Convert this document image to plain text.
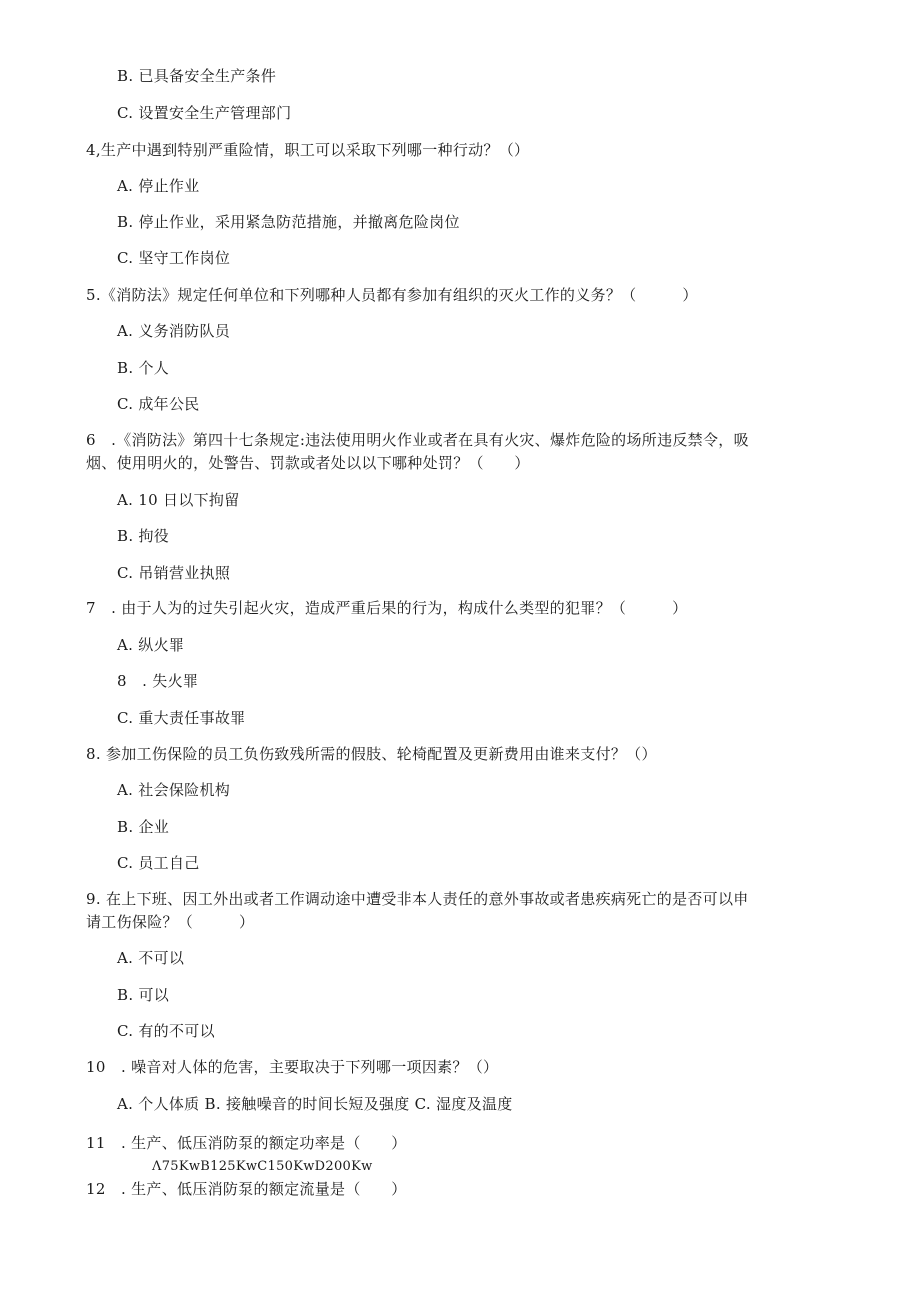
B. 已具备安全生产条件
C. 设置安全生产管理部门
4,生产中遇到特别严重险情，职工可以采取下列哪一种行动？（）
A. 停止作业
B. 停止作业，采用紧急防范措施，并撤离危险岗位
C. 坚守工作岗位
5.《消防法》规定任何单位和下列哪种人员都有参加有组织的灭火工作的义务？（　　　）
A. 义务消防队员
B. 个人
C. 成年公民
6　.《消防法》第四十七条规定:违法使用明火作业或者在具有火灾、爆炸危险的场所违反禁令，吸
烟、使用明火的，处警告、罚款或者处以以下哪种处罚？（　　）
A. 10 日以下拘留
B. 拘役
C. 吊销营业执照
7　. 由于人为的过失引起火灾，造成严重后果的行为，构成什么类型的犯罪？（　　　）
A. 纵火罪
8　. 失火罪
C. 重大责任事故罪
8. 参加工伤保险的员工负伤致残所需的假肢、轮椅配置及更新费用由谁来支付？（）
A. 社会保险机构
B. 企业
C. 员工自己
9. 在上下班、因工外出或者工作调动途中遭受非本人责任的意外事故或者患疾病死亡的是否可以申
请工伤保险？（　　　）
A. 不可以
B. 可以
C. 有的不可以
10　. 噪音对人体的危害，主要取决于下列哪一项因素？（）
A. 个人体质 B. 接触噪音的时间长短及强度 C. 湿度及温度
11　. 生产、低压消防泵的额定功率是（　　）
Λ75KwB125KwC150KwD200Kw
12　. 生产、低压消防泵的额定流量是（　　）
